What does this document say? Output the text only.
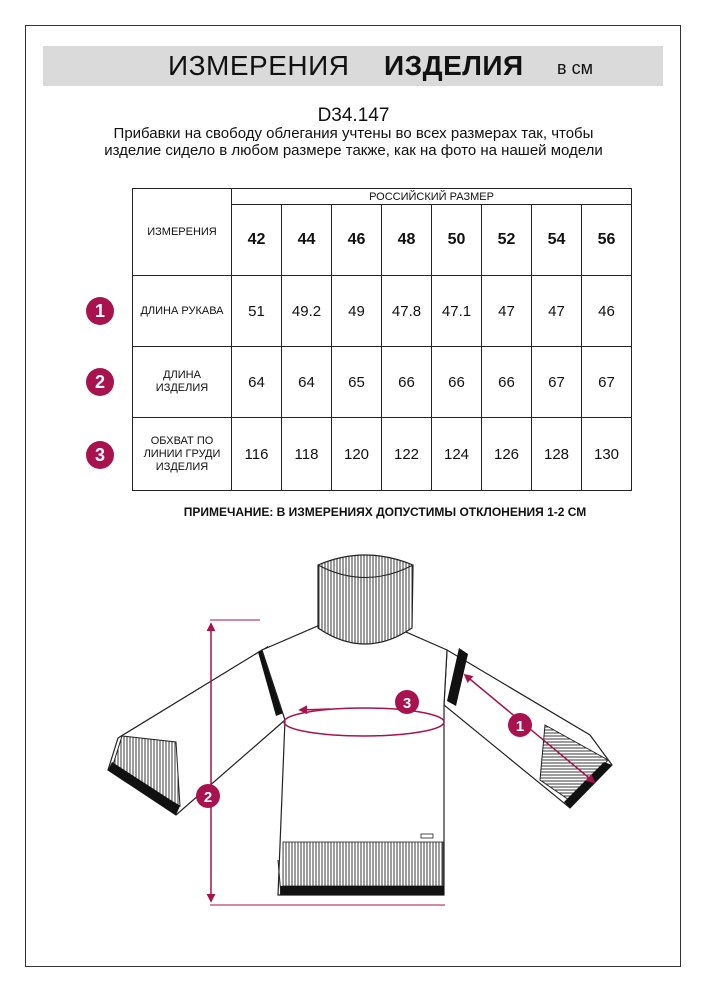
ИЗМЕРЕНИЯ ИЗДЕЛИЯ в см
D34.147
Прибавки на свободу облегания учтены во всех размерах так, чтобы изделие сидело в любом размере также, как на фото на нашей модели
ИЗМЕРЕНИЯ	РОССИЙСКИЙ РАЗМЕР							
	42	44	46	48	50	52	54	56
ДЛИНА РУКАВА	51	49.2	49	47.8	47.1	47	47	46

ДЛИНА ИЗДЕЛИЯ	64	64	65	66	66	66	67	67

ОБХВАТ ПО ЛИНИИ ГРУДИ ИЗДЕЛИЯ	116	118	120	122	124	126	128	130
1
2
3
ПРИМЕЧАНИЕ: В ИЗМЕРЕНИЯХ ДОПУСТИМЫ ОТКЛОНЕНИЯ 1-2 СМ
1
2
3
